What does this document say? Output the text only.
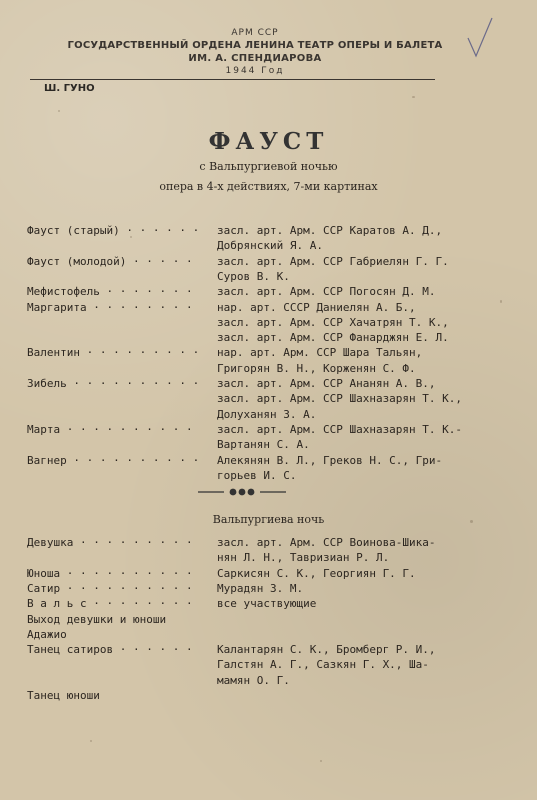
АРМ ССР
ГОСУДАРСТВЕННЫЙ ОРДЕНА ЛЕНИНА ТЕАТР ОПЕРЫ И БАЛЕТА
ИМ. А. СПЕНДИАРОВА
1944 Год
Ш. ГУНО
ФАУСТ
с Вальпургиевой ночью
опера в 4-х действиях, 7-ми картинах
Фауст (старый) · · · · · · засл. арт. Арм. ССР Каратов А. Д.,
Добрянский Я. А.
Фауст (молодой) · · · · · засл. арт. Арм. ССР Габриелян Г. Г.
Суров В. К.
Мефистофель · · · · · · · засл. арт. Арм. ССР Погосян Д. М.
Маргарита · · · · · · · · нар. арт. СССР Даниелян А. Б.,
засл. арт. Арм. ССР Хачатрян Т. К.,
засл. арт. Арм. ССР Фанарджян Е. Л.
Валентин · · · · · · · · · нар. арт. Арм. ССР Шара Тальян,
Григорян В. Н., Корженян С. Ф.
Зибель · · · · · · · · · · засл. арт. Арм. ССР Ананян А. В.,
засл. арт. Арм. ССР Шахназарян Т. К.,
Долуханян З. А.
Марта · · · · · · · · · · засл. арт. Арм. ССР Шахназарян Т. К.-
Вартанян С. А.
Вагнер · · · · · · · · · · Алекянян В. Л., Греков Н. С., Гри-
горьев И. С.
Вальпургиева ночь
Девушка · · · · · · · · · засл. арт. Арм. ССР Воинова-Шика-
нян Л. Н., Тавризиан Р. Л.
Юноша · · · · · · · · · · Саркисян С. К., Георгиян Г. Г.
Сатир · · · · · · · · · · Мурадян З. М.
В а л ь с · · · · · · · · все участвующие
Выход девушки и юноши
Адажио
Танец сатиров · · · · · · Калантарян С. К., Бромберг Р. И.,
Галстян А. Г., Сазкян Г. Х., Ша-
мамян О. Г.
Танец юноши
